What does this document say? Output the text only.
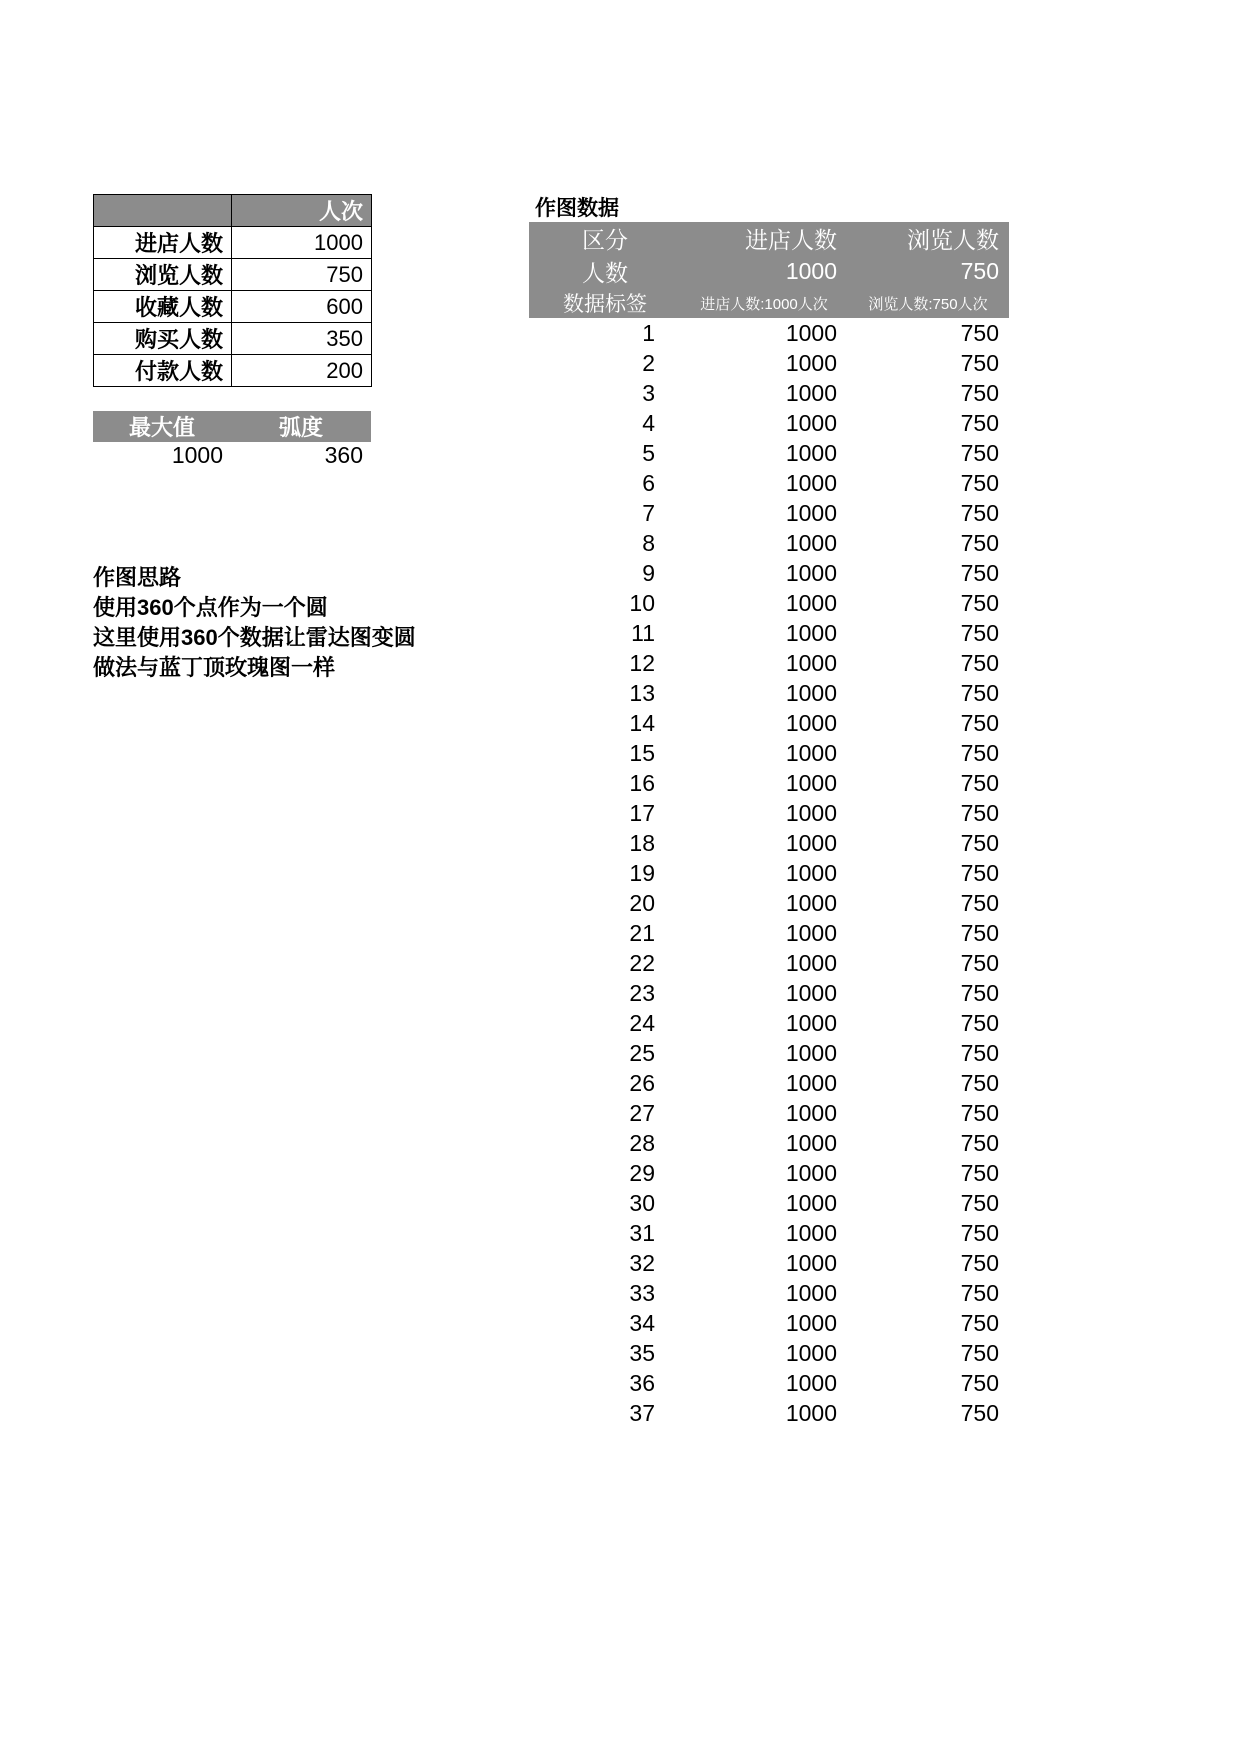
	人次
进店人数	1000
浏览人数	750
收藏人数	600
购买人数	350
付款人数	200
最大值	弧度
1000	360
作图思路
使用360个点作为一个圆
这里使用360个数据让雷达图变圆
做法与蓝丁顶玫瑰图一样
作图数据
区分	进店人数	浏览人数
人数	1000	750
数据标签	进店人数:1000人次	浏览人数:750人次
1	1000	750
2	1000	750
3	1000	750
4	1000	750
5	1000	750
6	1000	750
7	1000	750
8	1000	750
9	1000	750
10	1000	750
11	1000	750
12	1000	750
13	1000	750
14	1000	750
15	1000	750
16	1000	750
17	1000	750
18	1000	750
19	1000	750
20	1000	750
21	1000	750
22	1000	750
23	1000	750
24	1000	750
25	1000	750
26	1000	750
27	1000	750
28	1000	750
29	1000	750
30	1000	750
31	1000	750
32	1000	750
33	1000	750
34	1000	750
35	1000	750
36	1000	750
37	1000	750
